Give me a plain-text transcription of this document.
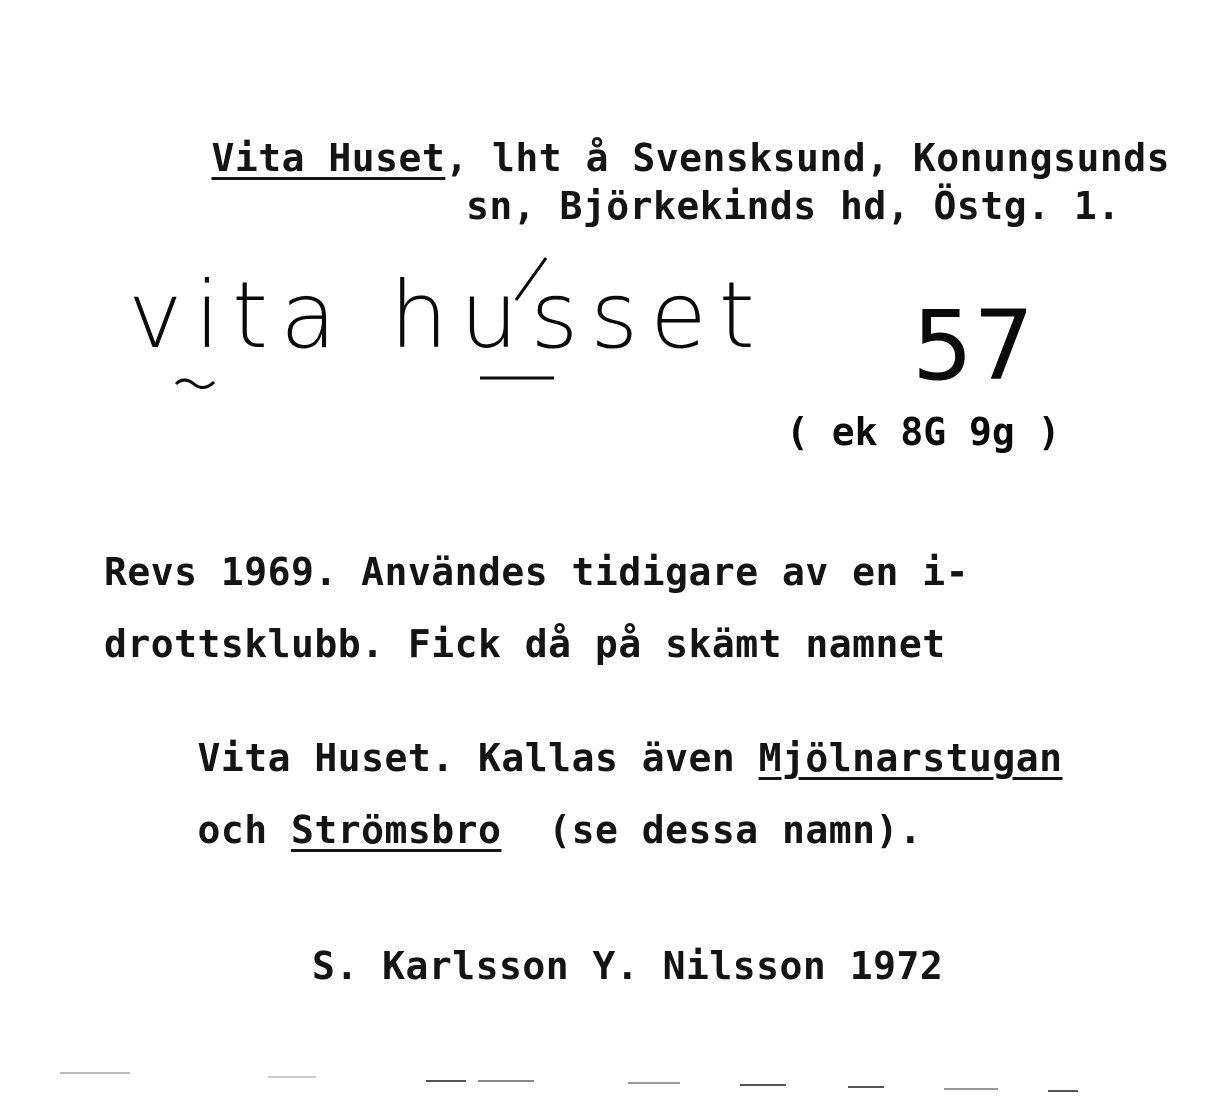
Vita Huset, lht å Svensksund, Konungsunds

sn, Björkekinds hd, Östg. 1.
vita husset 57
( ek 8G 9g )
Revs 1969. Användes tidigare av en i-
drottsklubb. Fick då på skämt namnet

Vita Huset. Kallas även Mjölnarstugan

och Strömsbro  (se dessa namn).

S. Karlsson Y. Nilsson 1972
